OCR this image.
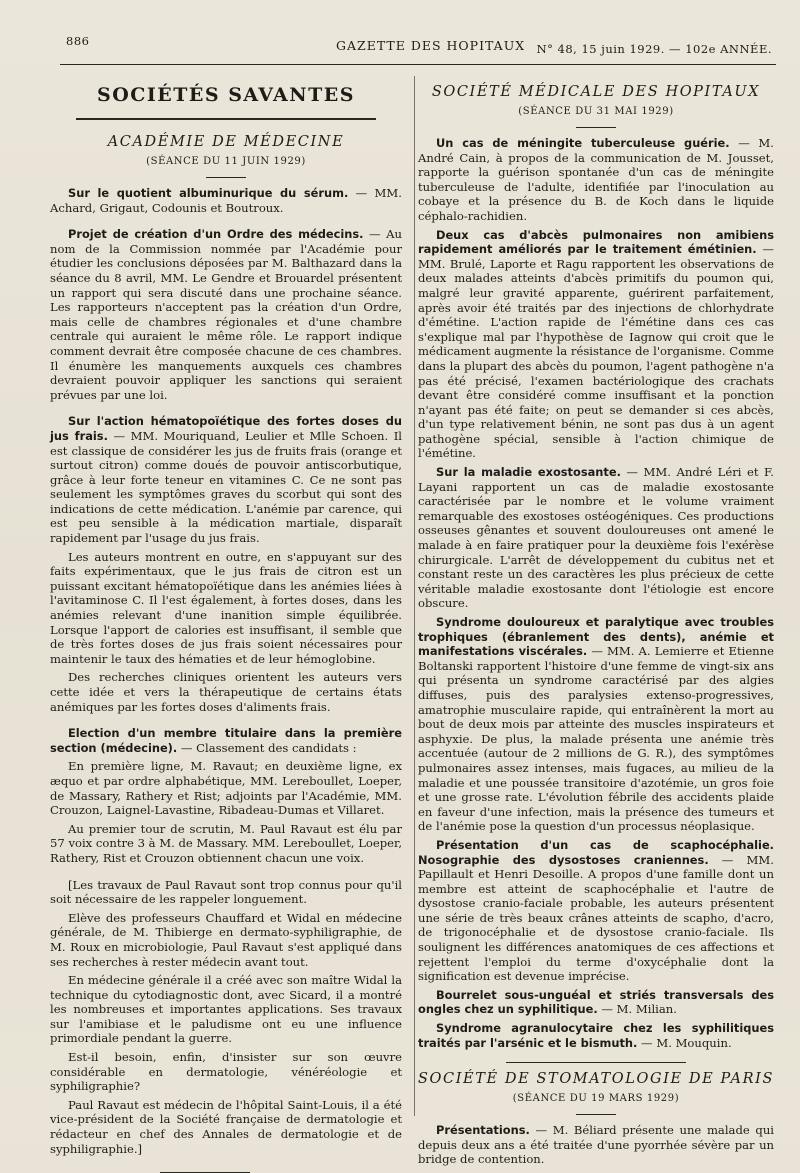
886	GAZETTE DES HOPITAUX N° 48, 15 juin 1929. — 102e ANNÉE.
SOCIÉTÉS SAVANTES
ACADÉMIE DE MÉDECINE
(SÉANCE DU 11 JUIN 1929)

Sur le quotient albuminurique du sérum. — MM. Achard, Grigaut, Codounis et Boutroux.

Projet de création d'un Ordre des médecins. — Au nom de la Commission nommée par l'Académie pour étudier les conclusions déposées par M. Balthazard dans la séance du 8 avril, MM. Le Gendre et Brouardel présentent un rapport qui sera discuté dans une prochaine séance. Les rapporteurs n'acceptent pas la création d'un Ordre, mais celle de chambres régionales et d'une chambre centrale qui auraient le même rôle. Le rapport indique comment devrait être composée chacune de ces chambres. Il énumère les manquements auxquels ces chambres devraient pouvoir appliquer les sanctions qui seraient prévues par une loi.

Sur l'action hématopoïétique des fortes doses du jus frais. — MM. Mouriquand, Leulier et Mlle Schoen. Il est classique de considérer les jus de fruits frais (orange et surtout citron) comme doués de pouvoir antiscorbutique, grâce à leur forte teneur en vitamines C. Ce ne sont pas seulement les symptômes graves du scorbut qui sont des indications de cette médication. L'anémie par carence, qui est peu sensible à la médication martiale, disparaît rapidement par l'usage du jus frais.

Les auteurs montrent en outre, en s'appuyant sur des faits expérimentaux, que le jus frais de citron est un puissant excitant hématopoïétique dans les anémies liées à l'avitaminose C. Il l'est également, à fortes doses, dans les anémies relevant d'une inanition simple équilibrée. Lorsque l'apport de calories est insuffisant, il semble que de très fortes doses de jus frais soient nécessaires pour maintenir le taux des hématies et de leur hémoglobine.

Des recherches cliniques orientent les auteurs vers cette idée et vers la thérapeutique de certains états anémiques par les fortes doses d'aliments frais.

Election d'un membre titulaire dans la première section (médecine). — Classement des candidats :

En première ligne, M. Ravaut; en deuxième ligne, ex æquo et par ordre alphabétique, MM. Lereboullet, Loeper, de Massary, Rathery et Rist; adjoints par l'Académie, MM. Crouzon, Laignel-Lavastine, Ribadeau-Dumas et Villaret.

Au premier tour de scrutin, M. Paul Ravaut est élu par 57 voix contre 3 à M. de Massary. MM. Lereboullet, Loeper, Rathery, Rist et Crouzon obtiennent chacun une voix.

[Les travaux de Paul Ravaut sont trop connus pour qu'il soit nécessaire de les rappeler longuement.

Elève des professeurs Chauffard et Widal en médecine générale, de M. Thibierge en dermato-syphiligraphie, de M. Roux en microbiologie, Paul Ravaut s'est appliqué dans ses recherches à rester médecin avant tout.

En médecine générale il a créé avec son maître Widal la technique du cytodiagnostic dont, avec Sicard, il a montré les nombreuses et importantes applications. Ses travaux sur l'amibiase et le paludisme ont eu une influence primordiale pendant la guerre.

Est-il besoin, enfin, d'insister sur son œuvre considérable en dermatologie, vénéréologie et syphiligraphie?

Paul Ravaut est médecin de l'hôpital Saint-Louis, il a été vice-président de la Société française de dermatologie et rédacteur en chef des Annales de dermatologie et de syphiligraphie.]

SOCIÉTÉ MÉDICALE DES HOPITAUX
(SÉANCE DU 31 MAI 1929)

Un cas de méningite tuberculeuse guérie. — M. André Cain, à propos de la communication de M. Jousset, rapporte la guérison spontanée d'un cas de méningite tuberculeuse de l'adulte, identifiée par l'inoculation au cobaye et la présence du B. de Koch dans le liquide céphalo-rachidien.

Deux cas d'abcès pulmonaires non amibiens rapidement améliorés par le traitement émétinien. — MM. Brulé, Laporte et Ragu rapportent les observations de deux malades atteints d'abcès primitifs du poumon qui, malgré leur gravité apparente, guérirent parfaitement, après avoir été traités par des injections de chlorhydrate d'émétine. L'action rapide de l'émétine dans ces cas s'explique mal par l'hypothèse de Iagnow qui croit que le médicament augmente la résistance de l'organisme. Comme dans la plupart des abcès du poumon, l'agent pathogène n'a pas été précisé, l'examen bactériologique des crachats devant être considéré comme insuffisant et la ponction n'ayant pas été faite; on peut se demander si ces abcès, d'un type relativement bénin, ne sont pas dus à un agent pathogène spécial, sensible à l'action chimique de l'émétine.

Sur la maladie exostosante. — MM. André Léri et F. Layani rapportent un cas de maladie exostosante caractérisée par le nombre et le volume vraiment remarquable des exostoses ostéogéniques. Ces productions osseuses gênantes et souvent douloureuses ont amené le malade à en faire pratiquer pour la deuxième fois l'exérèse chirurgicale. L'arrêt de développement du cubitus net et constant reste un des caractères les plus précieux de cette véritable maladie exostosante dont l'étiologie est encore obscure.

Syndrome douloureux et paralytique avec troubles trophiques (ébranlement des dents), anémie et manifestations viscérales. — MM. A. Lemierre et Etienne Boltanski rapportent l'histoire d'une femme de vingt-six ans qui présenta un syndrome caractérisé par des algies diffuses, puis des paralysies extenso-progressives, amatrophie musculaire rapide, qui entraînèrent la mort au bout de deux mois par atteinte des muscles inspirateurs et asphyxie. De plus, la malade présenta une anémie très accentuée (autour de 2 millions de G. R.), des symptômes pulmonaires assez intenses, mais fugaces, au milieu de la maladie et une poussée transitoire d'azotémie, un gros foie et une grosse rate. L'évolution fébrile des accidents plaide en faveur d'une infection, mais la présence des tumeurs et de l'anémie pose la question d'un processus néoplasique.

Présentation d'un cas de scaphocéphalie. Nosographie des dysostoses craniennes. — MM. Papillault et Henri Desoille. A propos d'une famille dont un membre est atteint de scaphocéphalie et l'autre de dysostose cranio-faciale probable, les auteurs présentent une série de très beaux crânes atteints de scapho, d'acro, de trigonocéphalie et de dysostose cranio-faciale. Ils soulignent les différences anatomiques de ces affections et rejettent l'emploi du terme d'oxycéphalie dont la signification est devenue imprécise.

Bourrelet sous-unguéal et striés transversals des ongles chez un syphilitique. — M. Milian.

Syndrome agranulocytaire chez les syphilitiques traités par l'arsénic et le bismuth. — M. Mouquin.

SOCIÉTÉ DE STOMATOLOGIE DE PARIS
(SÉANCE DU 19 MARS 1929)

Présentations. — M. Béliard présente une malade qui depuis deux ans a été traitée d'une pyorrhée sévère par un bridge de contention.
